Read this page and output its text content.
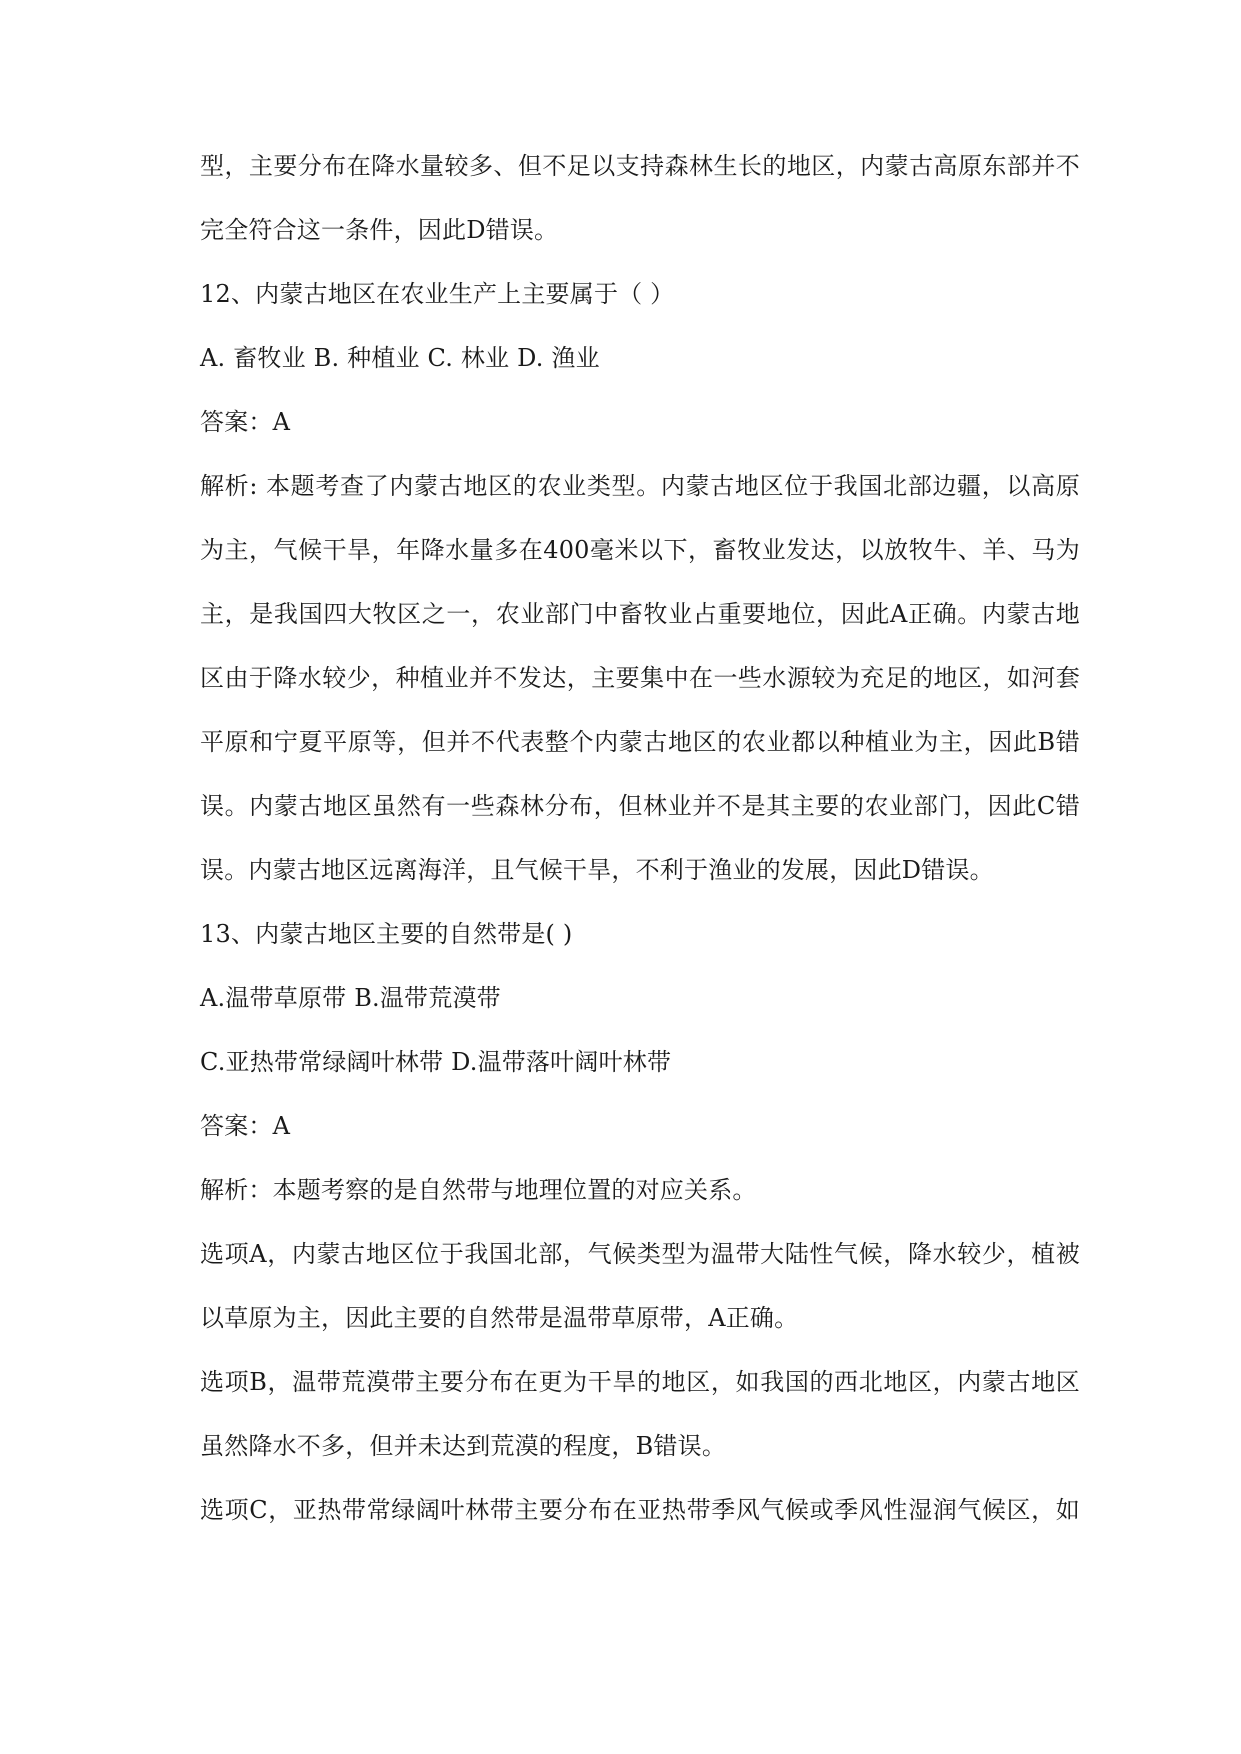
型，主要分布在降水量较多、但不足以支持森林生长的地区，内蒙古高原东部并不
完全符合这一条件，因此D错误。
12、内蒙古地区在农业生产上主要属于（ ）
A. 畜牧业 B. 种植业 C. 林业 D. 渔业
答案：A
解析: 本题考查了内蒙古地区的农业类型。内蒙古地区位于我国北部边疆，以高原
为主，气候干旱，年降水量多在400毫米以下，畜牧业发达，以放牧牛、羊、马为
主，是我国四大牧区之一，农业部门中畜牧业占重要地位，因此A正确。内蒙古地
区由于降水较少，种植业并不发达，主要集中在一些水源较为充足的地区，如河套
平原和宁夏平原等，但并不代表整个内蒙古地区的农业都以种植业为主，因此B错
误。内蒙古地区虽然有一些森林分布，但林业并不是其主要的农业部门，因此C错
误。内蒙古地区远离海洋，且气候干旱，不利于渔业的发展，因此D错误。
13、内蒙古地区主要的自然带是( )
A.温带草原带 B.温带荒漠带
C.亚热带常绿阔叶林带 D.温带落叶阔叶林带
答案：A
解析：本题考察的是自然带与地理位置的对应关系。
选项A，内蒙古地区位于我国北部，气候类型为温带大陆性气候，降水较少，植被
以草原为主，因此主要的自然带是温带草原带，A正确。
选项B，温带荒漠带主要分布在更为干旱的地区，如我国的西北地区，内蒙古地区
虽然降水不多，但并未达到荒漠的程度，B错误。
选项C，亚热带常绿阔叶林带主要分布在亚热带季风气候或季风性湿润气候区，如
